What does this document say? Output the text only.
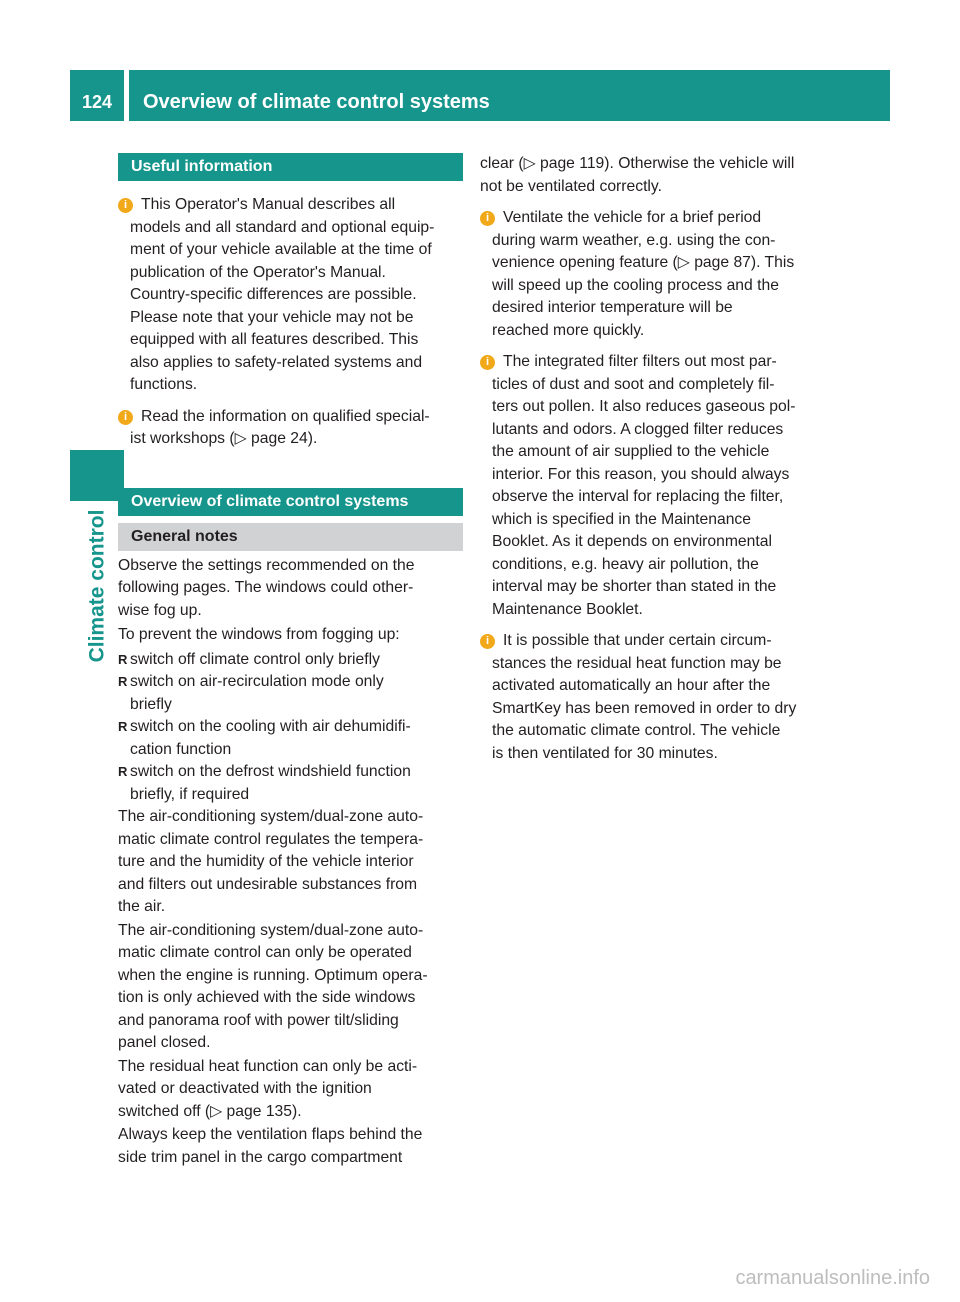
124	Overview of climate control systems
Climate control
Useful information
i This Operator's Manual describes all
models and all standard and optional equip-
ment of your vehicle available at the time of
publication of the Operator's Manual.
Country-specific differences are possible.
Please note that your vehicle may not be
equipped with all features described. This
also applies to safety-related systems and
functions.
i Read the information on qualified special-
ist workshops (▷ page 24).
Overview of climate control systems
General notes
Observe the settings recommended on the
following pages. The windows could other-
wise fog up.
To prevent the windows from fogging up:
R switch off climate control only briefly
R switch on air-recirculation mode only
briefly
R switch on the cooling with air dehumidifi-
cation function
R switch on the defrost windshield function
briefly, if required
The air-conditioning system/dual-zone auto-
matic climate control regulates the tempera-
ture and the humidity of the vehicle interior
and filters out undesirable substances from
the air.
The air-conditioning system/dual-zone auto-
matic climate control can only be operated
when the engine is running. Optimum opera-
tion is only achieved with the side windows
and panorama roof with power tilt/sliding
panel closed.
The residual heat function can only be acti-
vated or deactivated with the ignition
switched off (▷ page 135).
Always keep the ventilation flaps behind the
side trim panel in the cargo compartment
clear (▷ page 119). Otherwise the vehicle will
not be ventilated correctly.
i Ventilate the vehicle for a brief period
during warm weather, e.g. using the con-
venience opening feature (▷ page 87). This
will speed up the cooling process and the
desired interior temperature will be
reached more quickly.
i The integrated filter filters out most par-
ticles of dust and soot and completely fil-
ters out pollen. It also reduces gaseous pol-
lutants and odors. A clogged filter reduces
the amount of air supplied to the vehicle
interior. For this reason, you should always
observe the interval for replacing the filter,
which is specified in the Maintenance
Booklet. As it depends on environmental
conditions, e.g. heavy air pollution, the
interval may be shorter than stated in the
Maintenance Booklet.
i It is possible that under certain circum-
stances the residual heat function may be
activated automatically an hour after the
SmartKey has been removed in order to dry
the automatic climate control. The vehicle
is then ventilated for 30 minutes.
carmanualsonline.info
